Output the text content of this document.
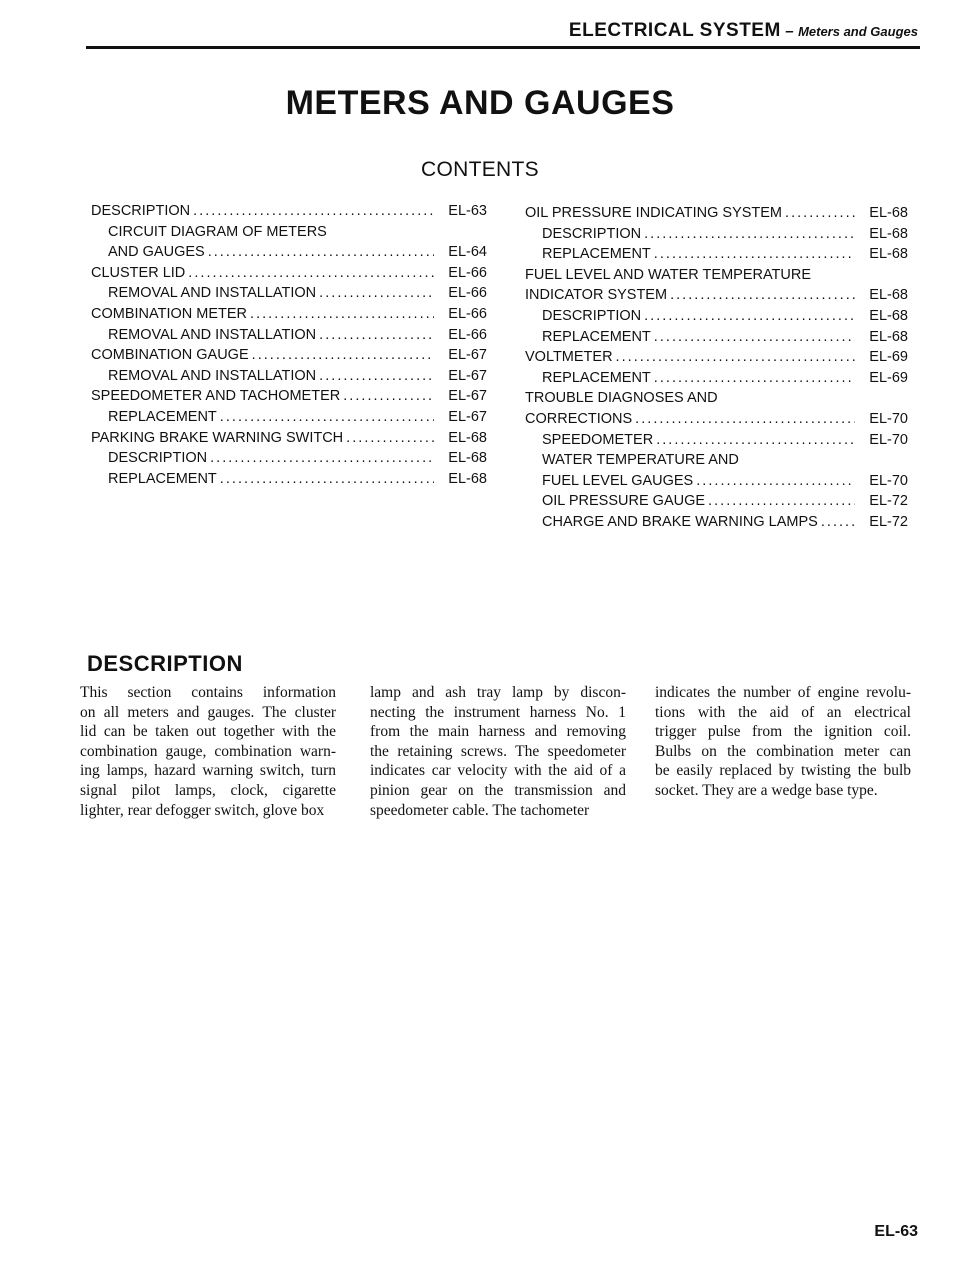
ELECTRICAL SYSTEM – Meters and Gauges
METERS AND GAUGES
CONTENTS
DESCRIPTION . . .	EL-63
CIRCUIT DIAGRAM OF METERS
AND GAUGES . . .	EL-64
CLUSTER LID . . .	EL-66
REMOVAL AND INSTALLATION . . .	EL-66
COMBINATION METER . . .	EL-66
REMOVAL AND INSTALLATION . . .	EL-66
COMBINATION GAUGE . . .	EL-67
REMOVAL AND INSTALLATION . . .	EL-67
SPEEDOMETER AND TACHOMETER . . .	EL-67
REPLACEMENT . . .	EL-67
PARKING BRAKE WARNING SWITCH . . .	EL-68
DESCRIPTION . . .	EL-68
REPLACEMENT . . .	EL-68
OIL PRESSURE INDICATING SYSTEM . . .	EL-68
DESCRIPTION . . .	EL-68
REPLACEMENT . . .	EL-68
FUEL LEVEL AND WATER TEMPERATURE
INDICATOR SYSTEM . . .	EL-68
DESCRIPTION . . .	EL-68
REPLACEMENT . . .	EL-68
VOLTMETER . . .	EL-69
REPLACEMENT . . .	EL-69
TROUBLE DIAGNOSES AND
CORRECTIONS . . .	EL-70
SPEEDOMETER . . .	EL-70
WATER TEMPERATURE AND
FUEL LEVEL GAUGES . . .	EL-70
OIL PRESSURE GAUGE . . .	EL-72
CHARGE AND BRAKE WARNING LAMPS . . .	EL-72
DESCRIPTION
This section contains information
on all meters and gauges. The cluster
lid can be taken out together with the
combination gauge, combination warn-
ing lamps, hazard warning switch, turn
signal pilot lamps, clock, cigarette
lighter, rear defogger switch, glove box
lamp and ash tray lamp by discon-
necting the instrument harness No. 1
from the main harness and removing
the retaining screws. The speedometer
indicates car velocity with the aid of a
pinion gear on the transmission and
speedometer cable. The tachometer
indicates the number of engine revolu-
tions with the aid of an electrical
trigger pulse from the ignition coil.
Bulbs on the combination meter can
be easily replaced by twisting the bulb
socket. They are a wedge base type.
EL-63
